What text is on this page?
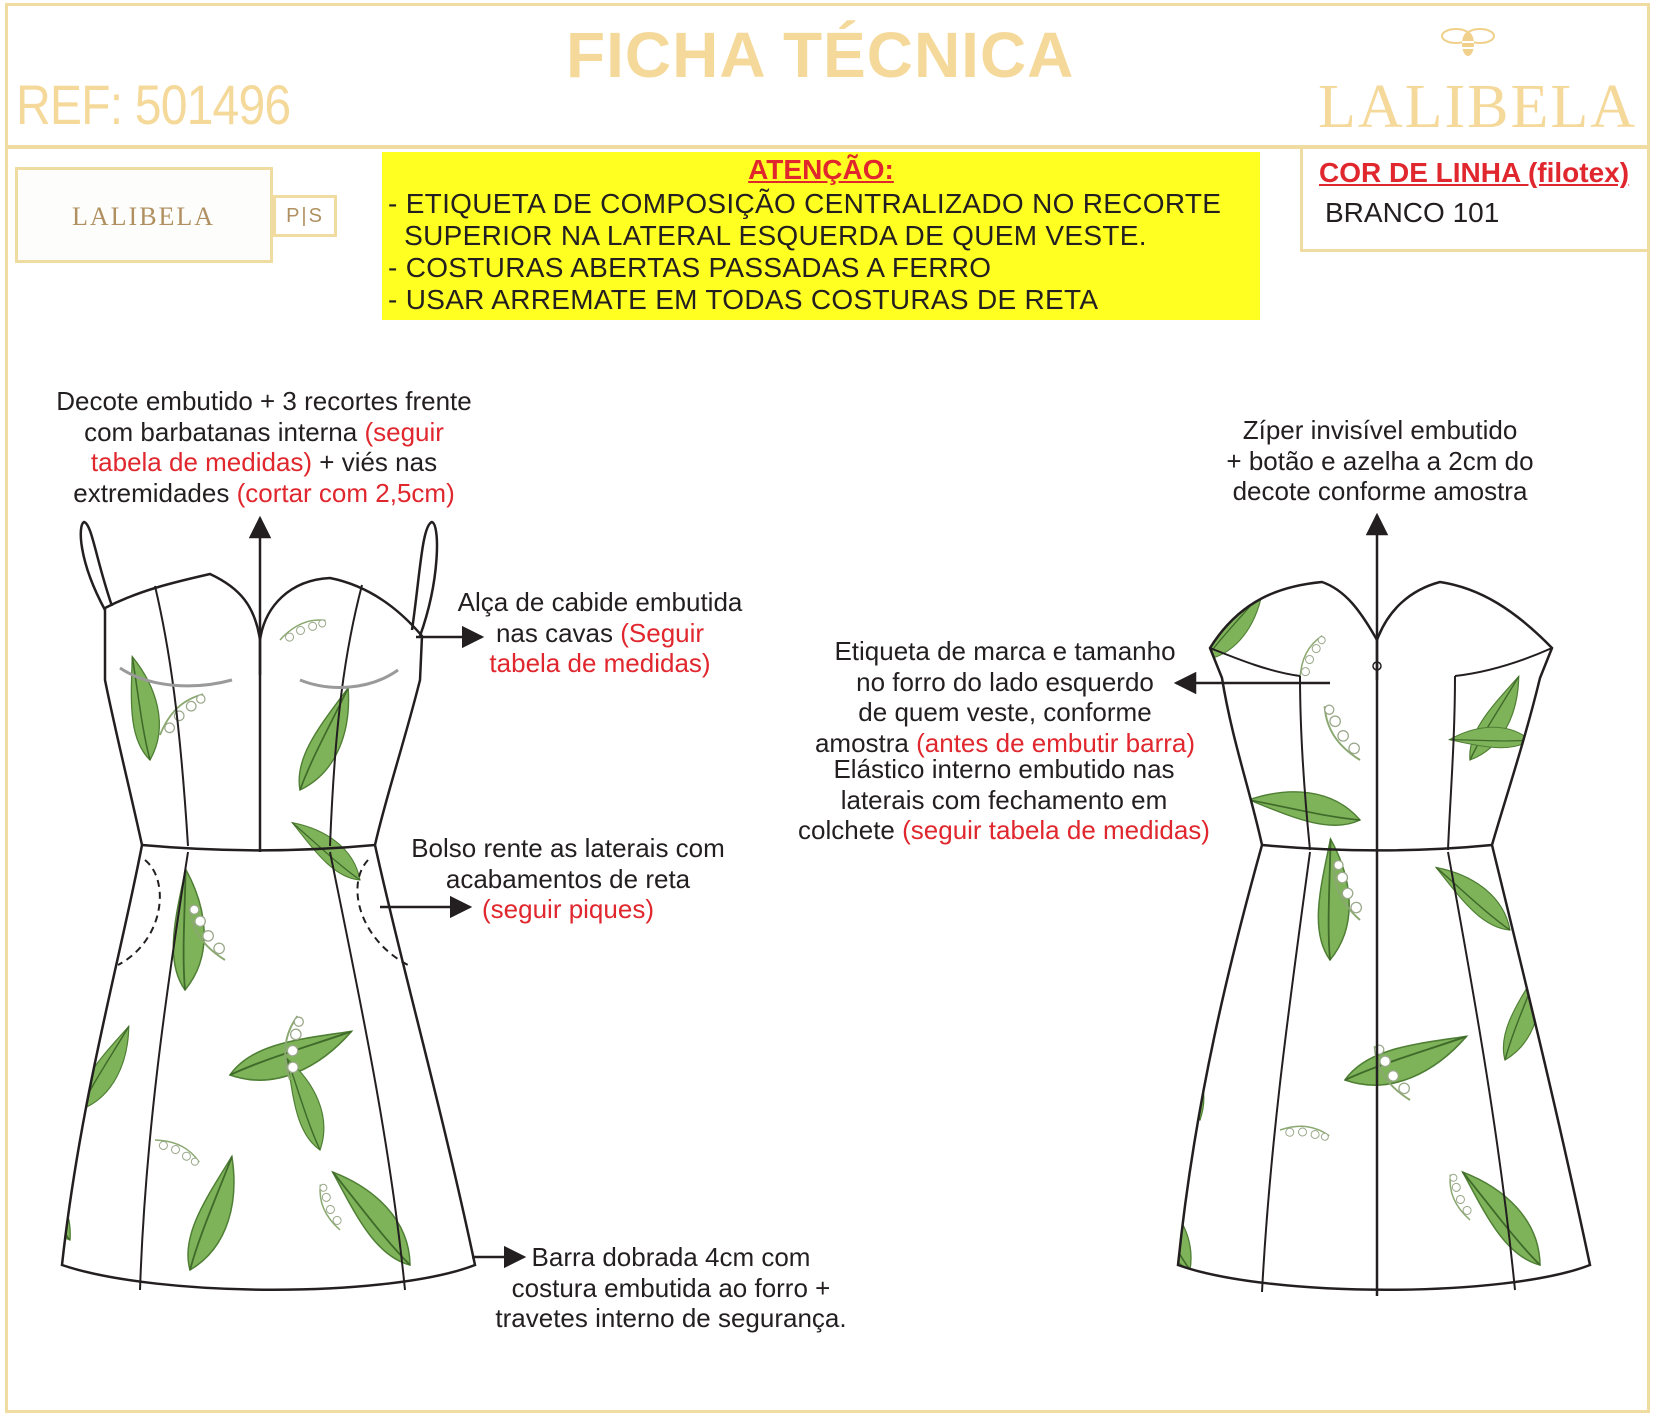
REF: 501496
FICHA TÉCNICA
LALIBELA
LALIBELA	P|S
ATENÇÃO:
- ETIQUETA DE COMPOSIÇÃO CENTRALIZADO NO RECORTE
SUPERIOR NA LATERAL ESQUERDA DE QUEM VESTE.
- COSTURAS ABERTAS PASSADAS A FERRO
- USAR ARREMATE EM TODAS COSTURAS DE RETA
COR DE LINHA (filotex)
BRANCO 101
Decote embutido + 3 recortes frente
com barbatanas interna (seguir
tabela de medidas) + viés nas
extremidades (cortar com 2,5cm)
Alça de cabide embutida
nas cavas (Seguir
tabela de medidas)
Bolso rente as laterais com
acabamentos de reta
(seguir piques)
Barra dobrada 4cm com
costura embutida ao forro +
travetes interno de segurança.
Zíper invisível embutido
+ botão e azelha a 2cm do
decote conforme amostra
Etiqueta de marca e tamanho
no forro do lado esquerdo
de quem veste, conforme
amostra (antes de embutir barra)
Elástico interno embutido nas
laterais com fechamento em
colchete (seguir tabela de medidas)
